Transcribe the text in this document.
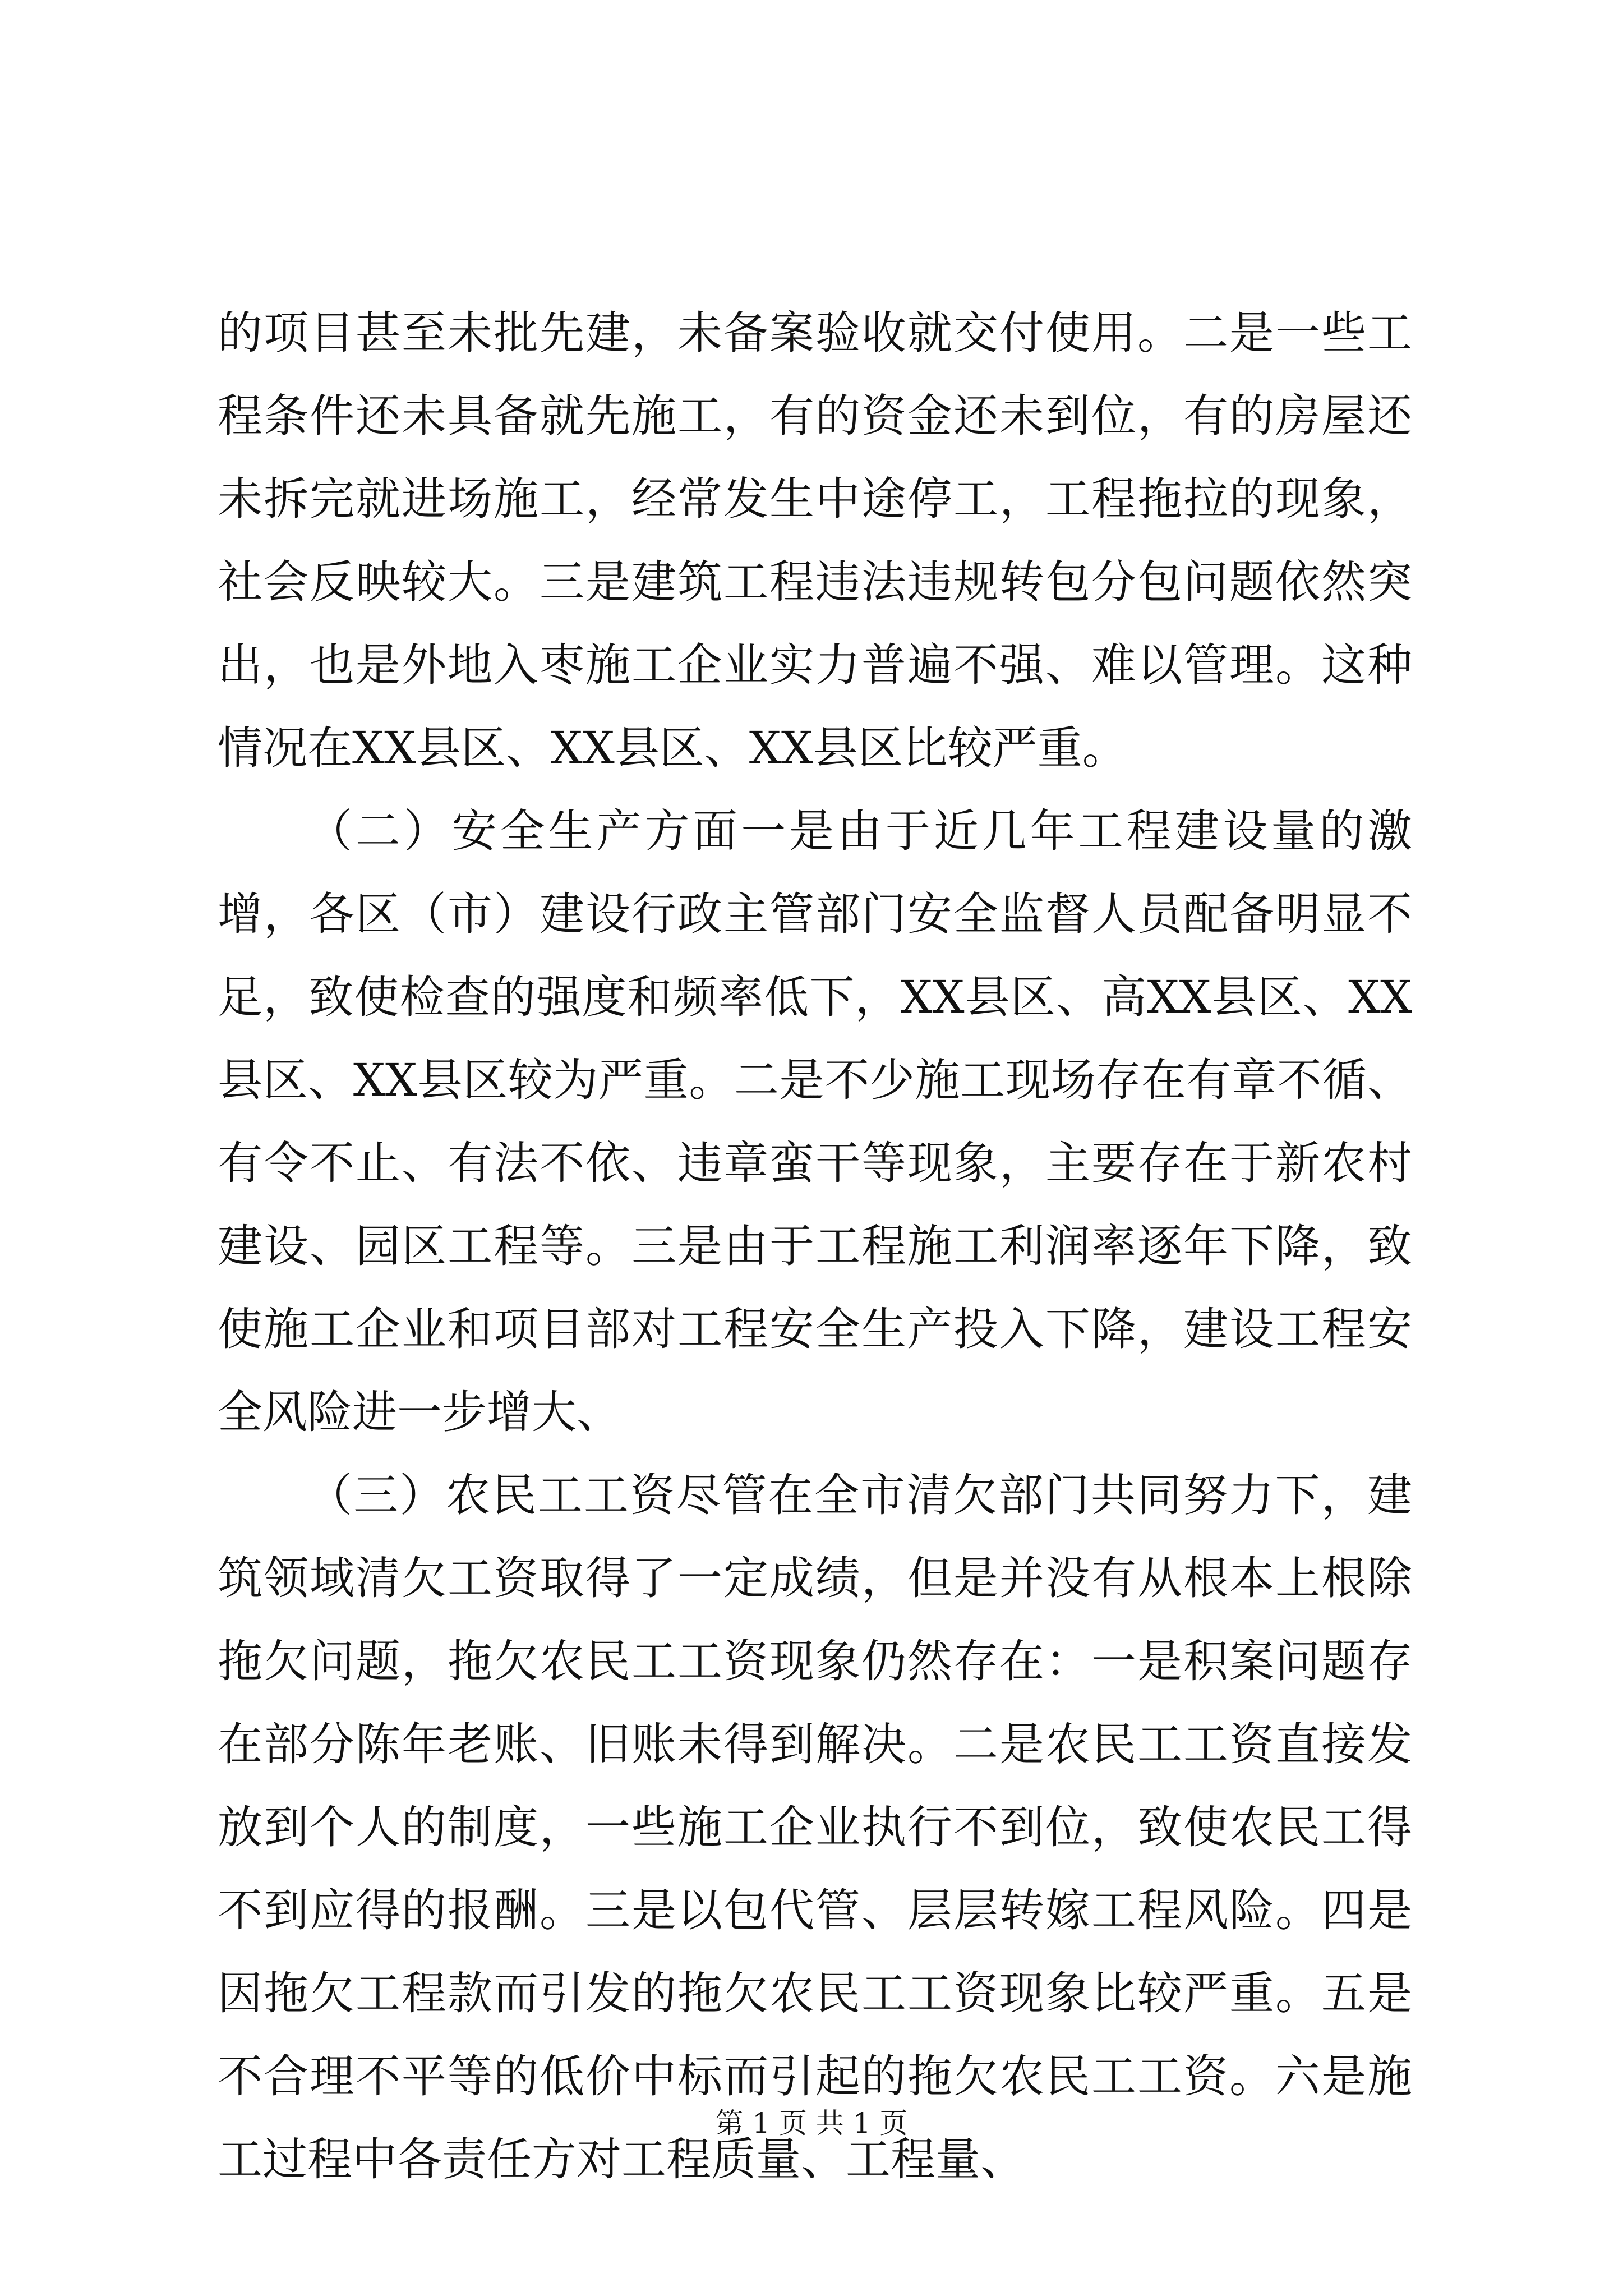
的项目甚至未批先建，未备案验收就交付使用。二是一些工程条件还未具备就先施工，有的资金还未到位，有的房屋还未拆完就进场施工，经常发生中途停工，工程拖拉的现象，社会反映较大。三是建筑工程违法违规转包分包问题依然突出，也是外地入枣施工企业实力普遍不强、难以管理。这种情况在XX县区、XX县区、XX县区比较严重。

（二）安全生产方面一是由于近几年工程建设量的激增，各区（市）建设行政主管部门安全监督人员配备明显不足，致使检查的强度和频率低下，XX县区、高XX县区、XX县区、XX县区较为严重。二是不少施工现场存在有章不循、有令不止、有法不依、违章蛮干等现象，主要存在于新农村建设、园区工程等。三是由于工程施工利润率逐年下降，致使施工企业和项目部对工程安全生产投入下降，建设工程安全风险进一步增大、

（三）农民工工资尽管在全市清欠部门共同努力下，建筑领域清欠工资取得了一定成绩，但是并没有从根本上根除拖欠问题，拖欠农民工工资现象仍然存在：一是积案问题存在部分陈年老账、旧账未得到解决。二是农民工工资直接发放到个人的制度，一些施工企业执行不到位，致使农民工得不到应得的报酬。三是以包代管、层层转嫁工程风险。四是因拖欠工程款而引发的拖欠农民工工资现象比较严重。五是不合理不平等的低价中标而引起的拖欠农民工工资。六是施工过程中各责任方对工程质量、工程量、

第 1 页 共 1 页
